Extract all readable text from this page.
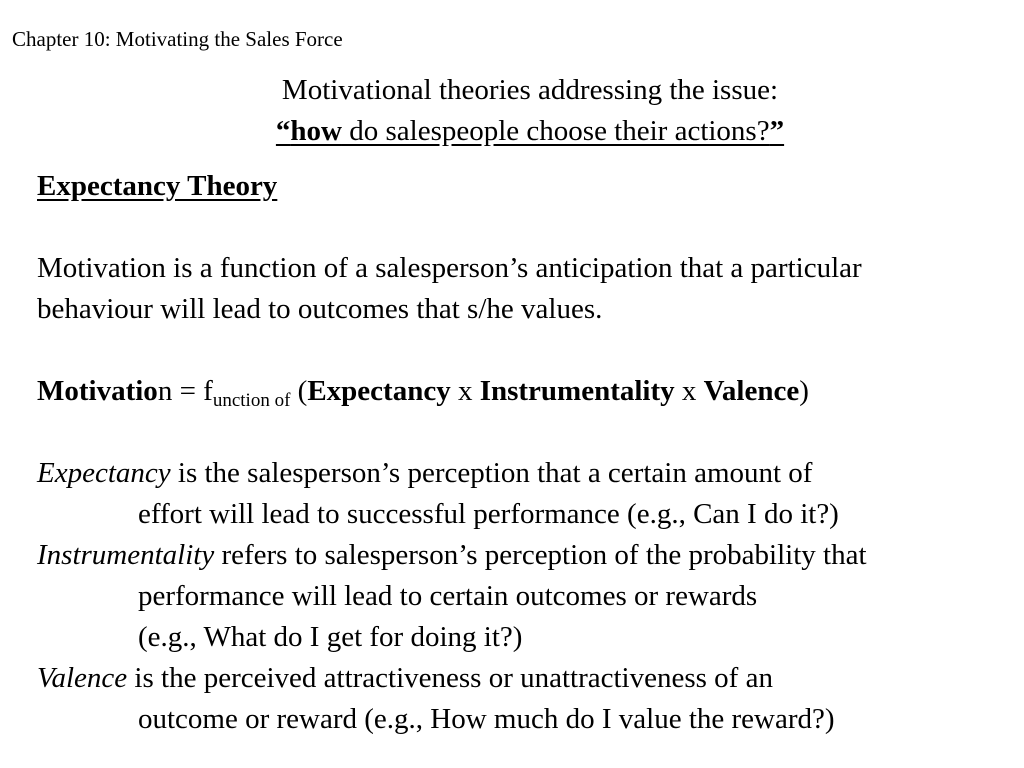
Chapter 10: Motivating the Sales Force
Motivational theories addressing the issue:
“how do salespeople choose their actions?”
Expectancy Theory
Motivation is a function of a salesperson’s anticipation that a particular
behaviour will lead to outcomes that s/he values.
Motivation = $f_{unction of}$ (Expectancy x Instrumentality x Valence)
Expectancy is the salesperson’s perception that a certain amount of
effort will lead to successful performance (e.g., Can I do it?)
Instrumentality refers to salesperson’s perception of the probability that
performance will lead to certain outcomes or rewards
(e.g., What do I get for doing it?)
Valence is the perceived attractiveness or unattractiveness of an
outcome or reward (e.g., How much do I value the reward?)
